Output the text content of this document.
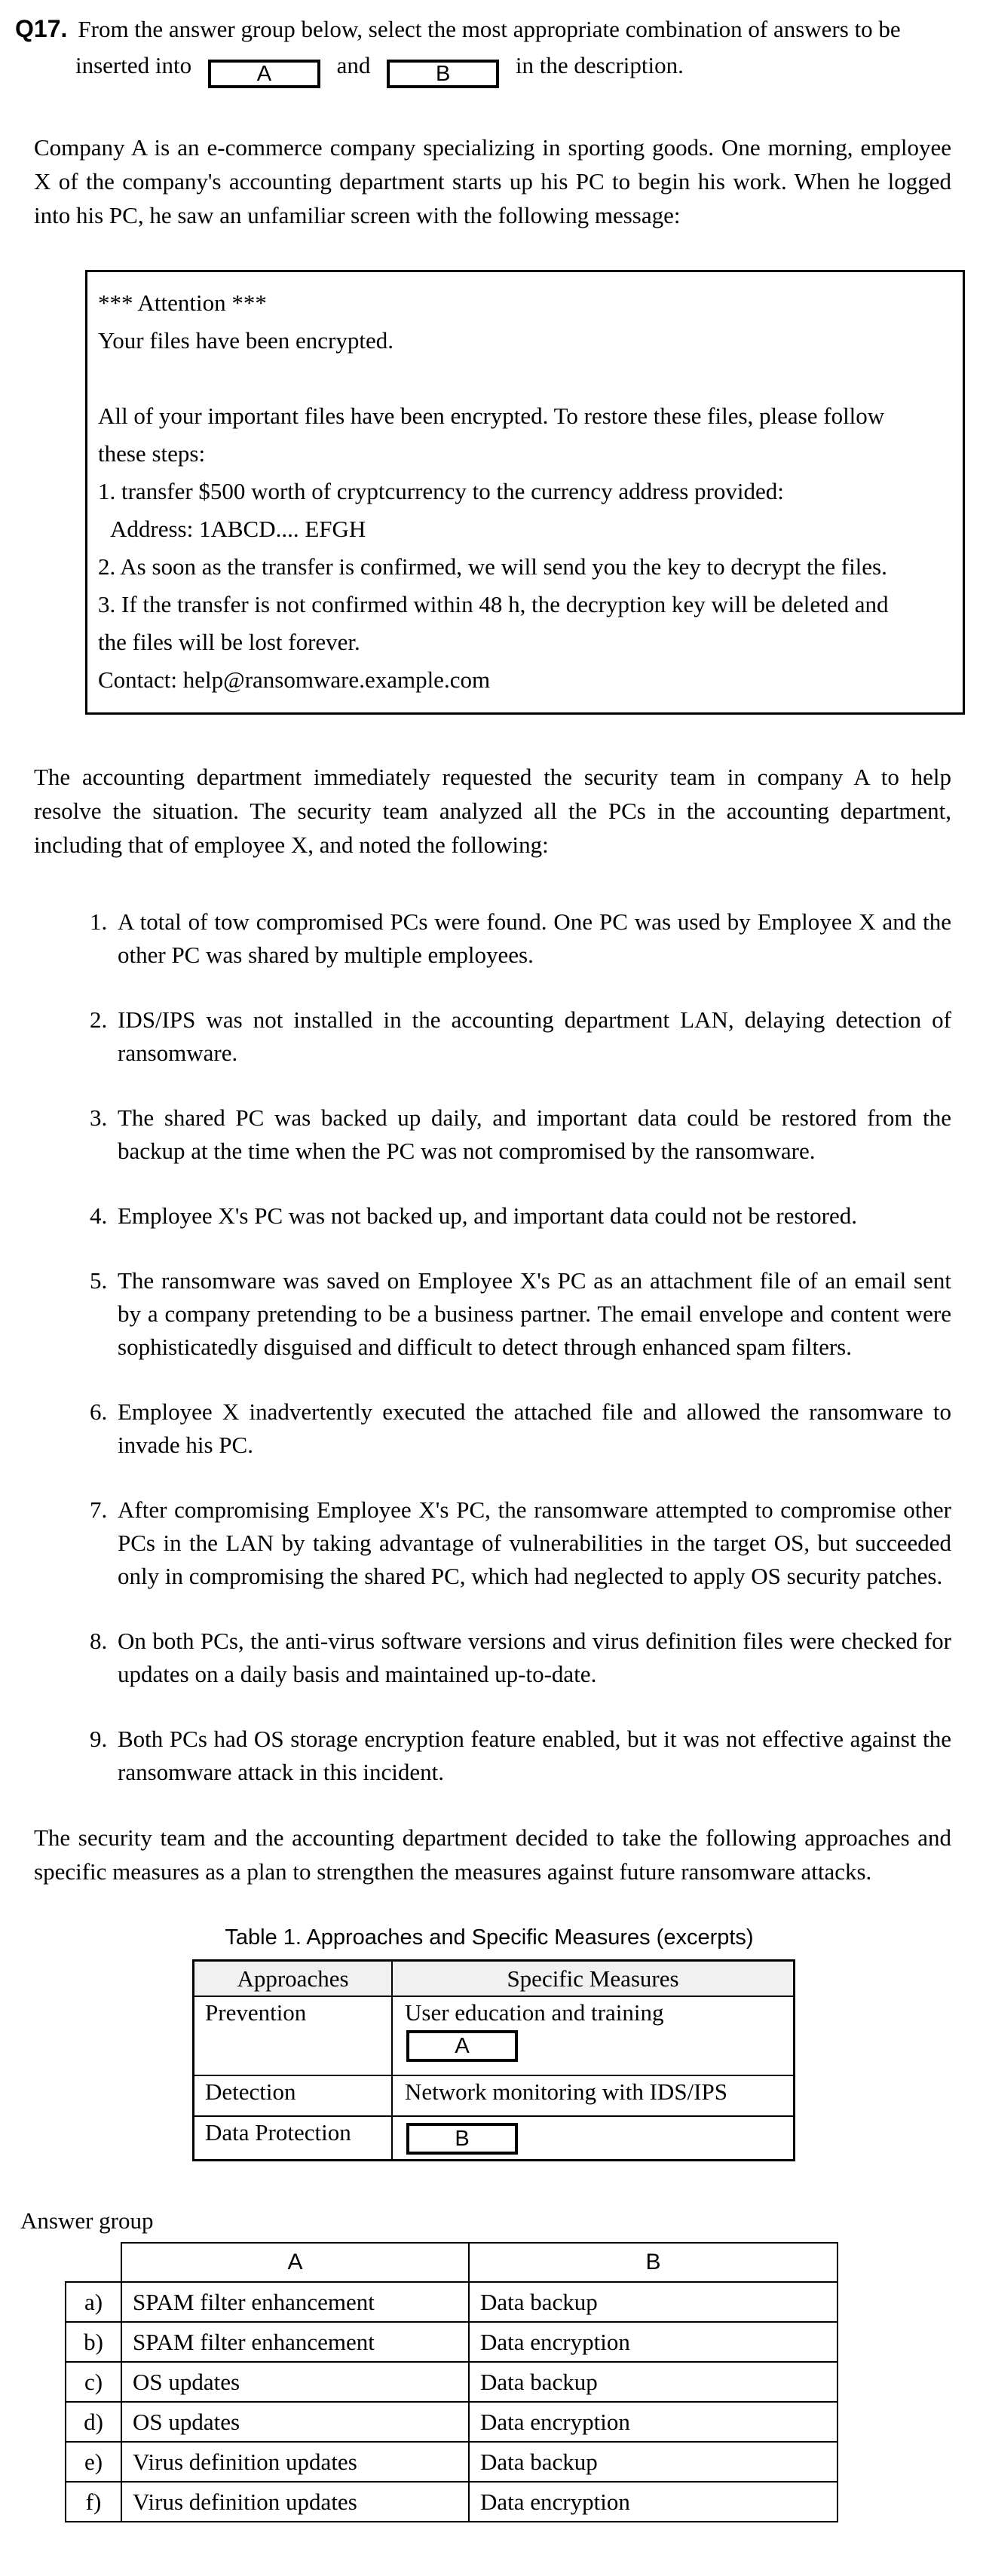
Q17. From the answer group below, select the most appropriate combination of answers to be
inserted into	A	and	B	in the description.
Company A is an e-commerce company specializing in sporting goods. One morning, employee X of the company's accounting department starts up his PC to begin his work. When he logged into his PC, he saw an unfamiliar screen with the following message:
*** Attention ***
Your files have been encrypted.
All of your important files have been encrypted. To restore these files, please follow
these steps:
1. transfer $500 worth of cryptcurrency to the currency address provided:
Address: 1ABCD.... EFGH
2. As soon as the transfer is confirmed, we will send you the key to decrypt the files.
3. If the transfer is not confirmed within 48 h, the decryption key will be deleted and
the files will be lost forever.
Contact: help@ransomware.example.com
The accounting department immediately requested the security team in company A to help resolve the situation. The security team analyzed all the PCs in the accounting department, including that of employee X, and noted the following:
1. A total of tow compromised PCs were found. One PC was used by Employee X and the other PC was shared by multiple employees.
2. IDS/IPS was not installed in the accounting department LAN, delaying detection of ransomware.
3. The shared PC was backed up daily, and important data could be restored from the backup at the time when the PC was not compromised by the ransomware.
4. Employee X's PC was not backed up, and important data could not be restored.
5. The ransomware was saved on Employee X's PC as an attachment file of an email sent by a company pretending to be a business partner. The email envelope and content were sophisticatedly disguised and difficult to detect through enhanced spam filters.
6. Employee X inadvertently executed the attached file and allowed the ransomware to invade his PC.
7. After compromising Employee X's PC, the ransomware attempted to compromise other PCs in the LAN by taking advantage of vulnerabilities in the target OS, but succeeded only in compromising the shared PC, which had neglected to apply OS security patches.
8. On both PCs, the anti-virus software versions and virus definition files were checked for updates on a daily basis and maintained up-to-date.
9. Both PCs had OS storage encryption feature enabled, but it was not effective against the ransomware attack in this incident.
The security team and the accounting department decided to take the following approaches and specific measures as a plan to strengthen the measures against future ransomware attacks.
Table 1. Approaches and Specific Measures (excerpts)
Approaches	Specific Measures
Prevention	User education and training
A

Detection	Network monitoring with IDS/IPS
Data Protection	B
Answer group
	A	B
a)	SPAM filter enhancement	Data backup
b)	SPAM filter enhancement	Data encryption
c)	OS updates	Data backup
d)	OS updates	Data encryption
e)	Virus definition updates	Data backup
f)	Virus definition updates	Data encryption
